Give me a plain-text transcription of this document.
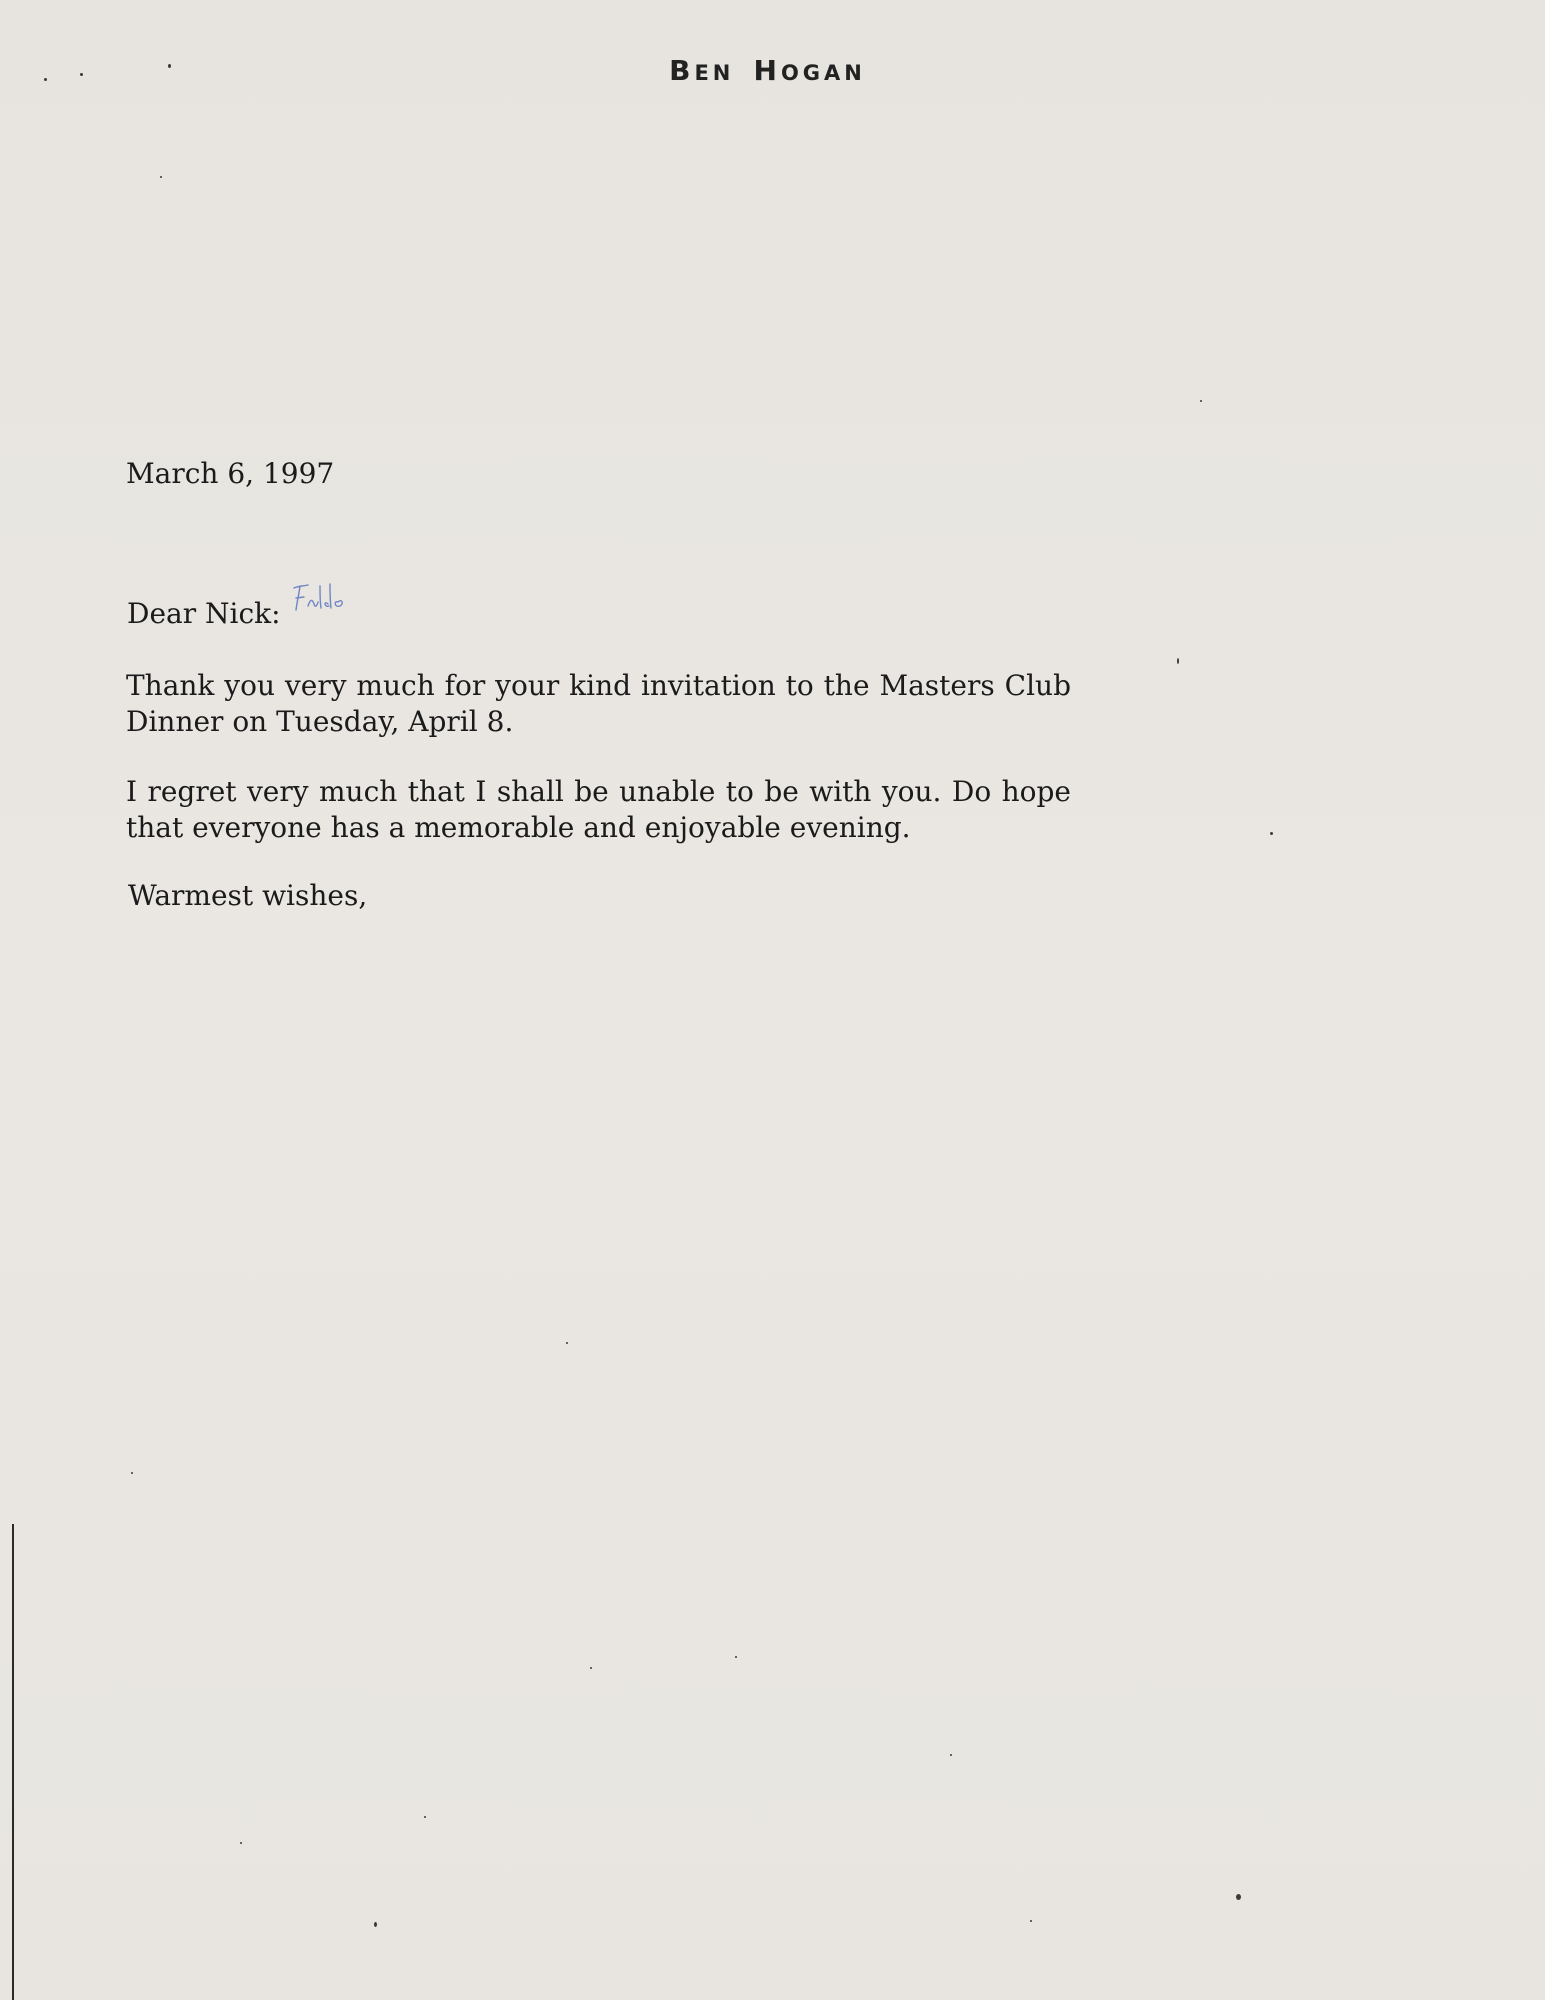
BEN HOGAN
March 6, 1997
Dear Nick:
Thank you very much for your kind invitation to the Masters Club Dinner on Tuesday, April 8.
I regret very much that I shall be unable to be with you. Do hope that everyone has a memorable and enjoyable evening.
Warmest wishes,
